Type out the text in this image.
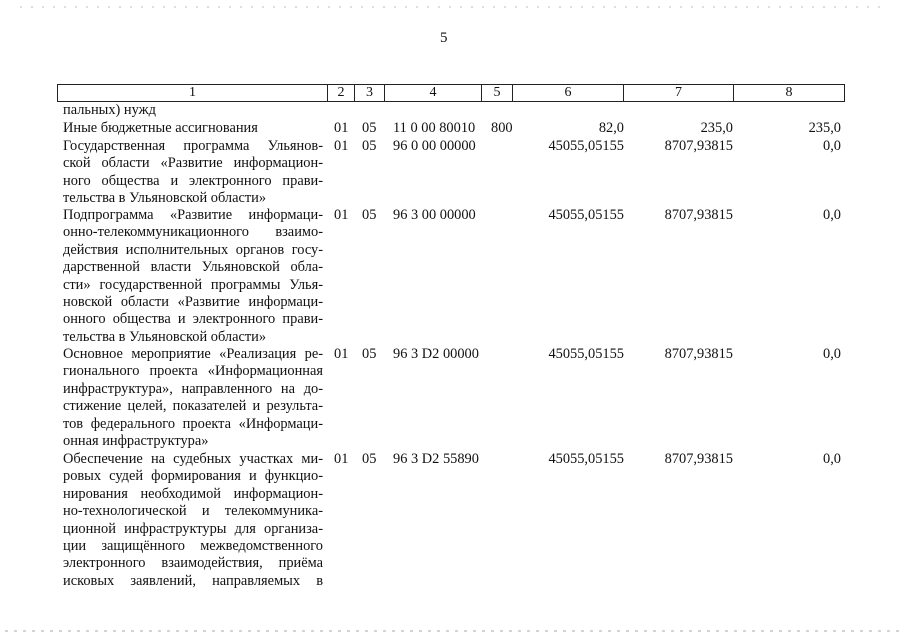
5
1	2	3	4	5	6	7	8
пальных) нужд
Иные бюджетные ассигнования	01 05 11 0 00 80010 800	82,0	235,0	235,0
Государственная программа Ульянов-
ской области «Развитие информацион-
ного общества и электронного прави-
тельства в Ульяновской области»
01 05 96 0 00 00000	45055,05155	8707,93815	0,0
Подпрограмма «Развитие информаци-
онно-телекоммуникационного взаимо-
действия исполнительных органов госу-
дарственной власти Ульяновской обла-
сти» государственной программы Улья-
новской области «Развитие информаци-
онного общества и электронного прави-
тельства в Ульяновской области»
01 05 96 3 00 00000	45055,05155	8707,93815	0,0
Основное мероприятие «Реализация ре-
гионального проекта «Информационная
инфраструктура», направленного на до-
стижение целей, показателей и результа-
тов федерального проекта «Информаци-
онная инфраструктура»
01 05 96 3 D2 00000	45055,05155	8707,93815	0,0
Обеспечение на судебных участках ми-
ровых судей формирования и функцио-
нирования необходимой информацион-
но-технологической и телекоммуника-
ционной инфраструктуры для организа-
ции защищённого межведомственного
электронного взаимодействия, приёма
исковых заявлений, направляемых в
01 05 96 3 D2 55890	45055,05155	8707,93815	0,0
